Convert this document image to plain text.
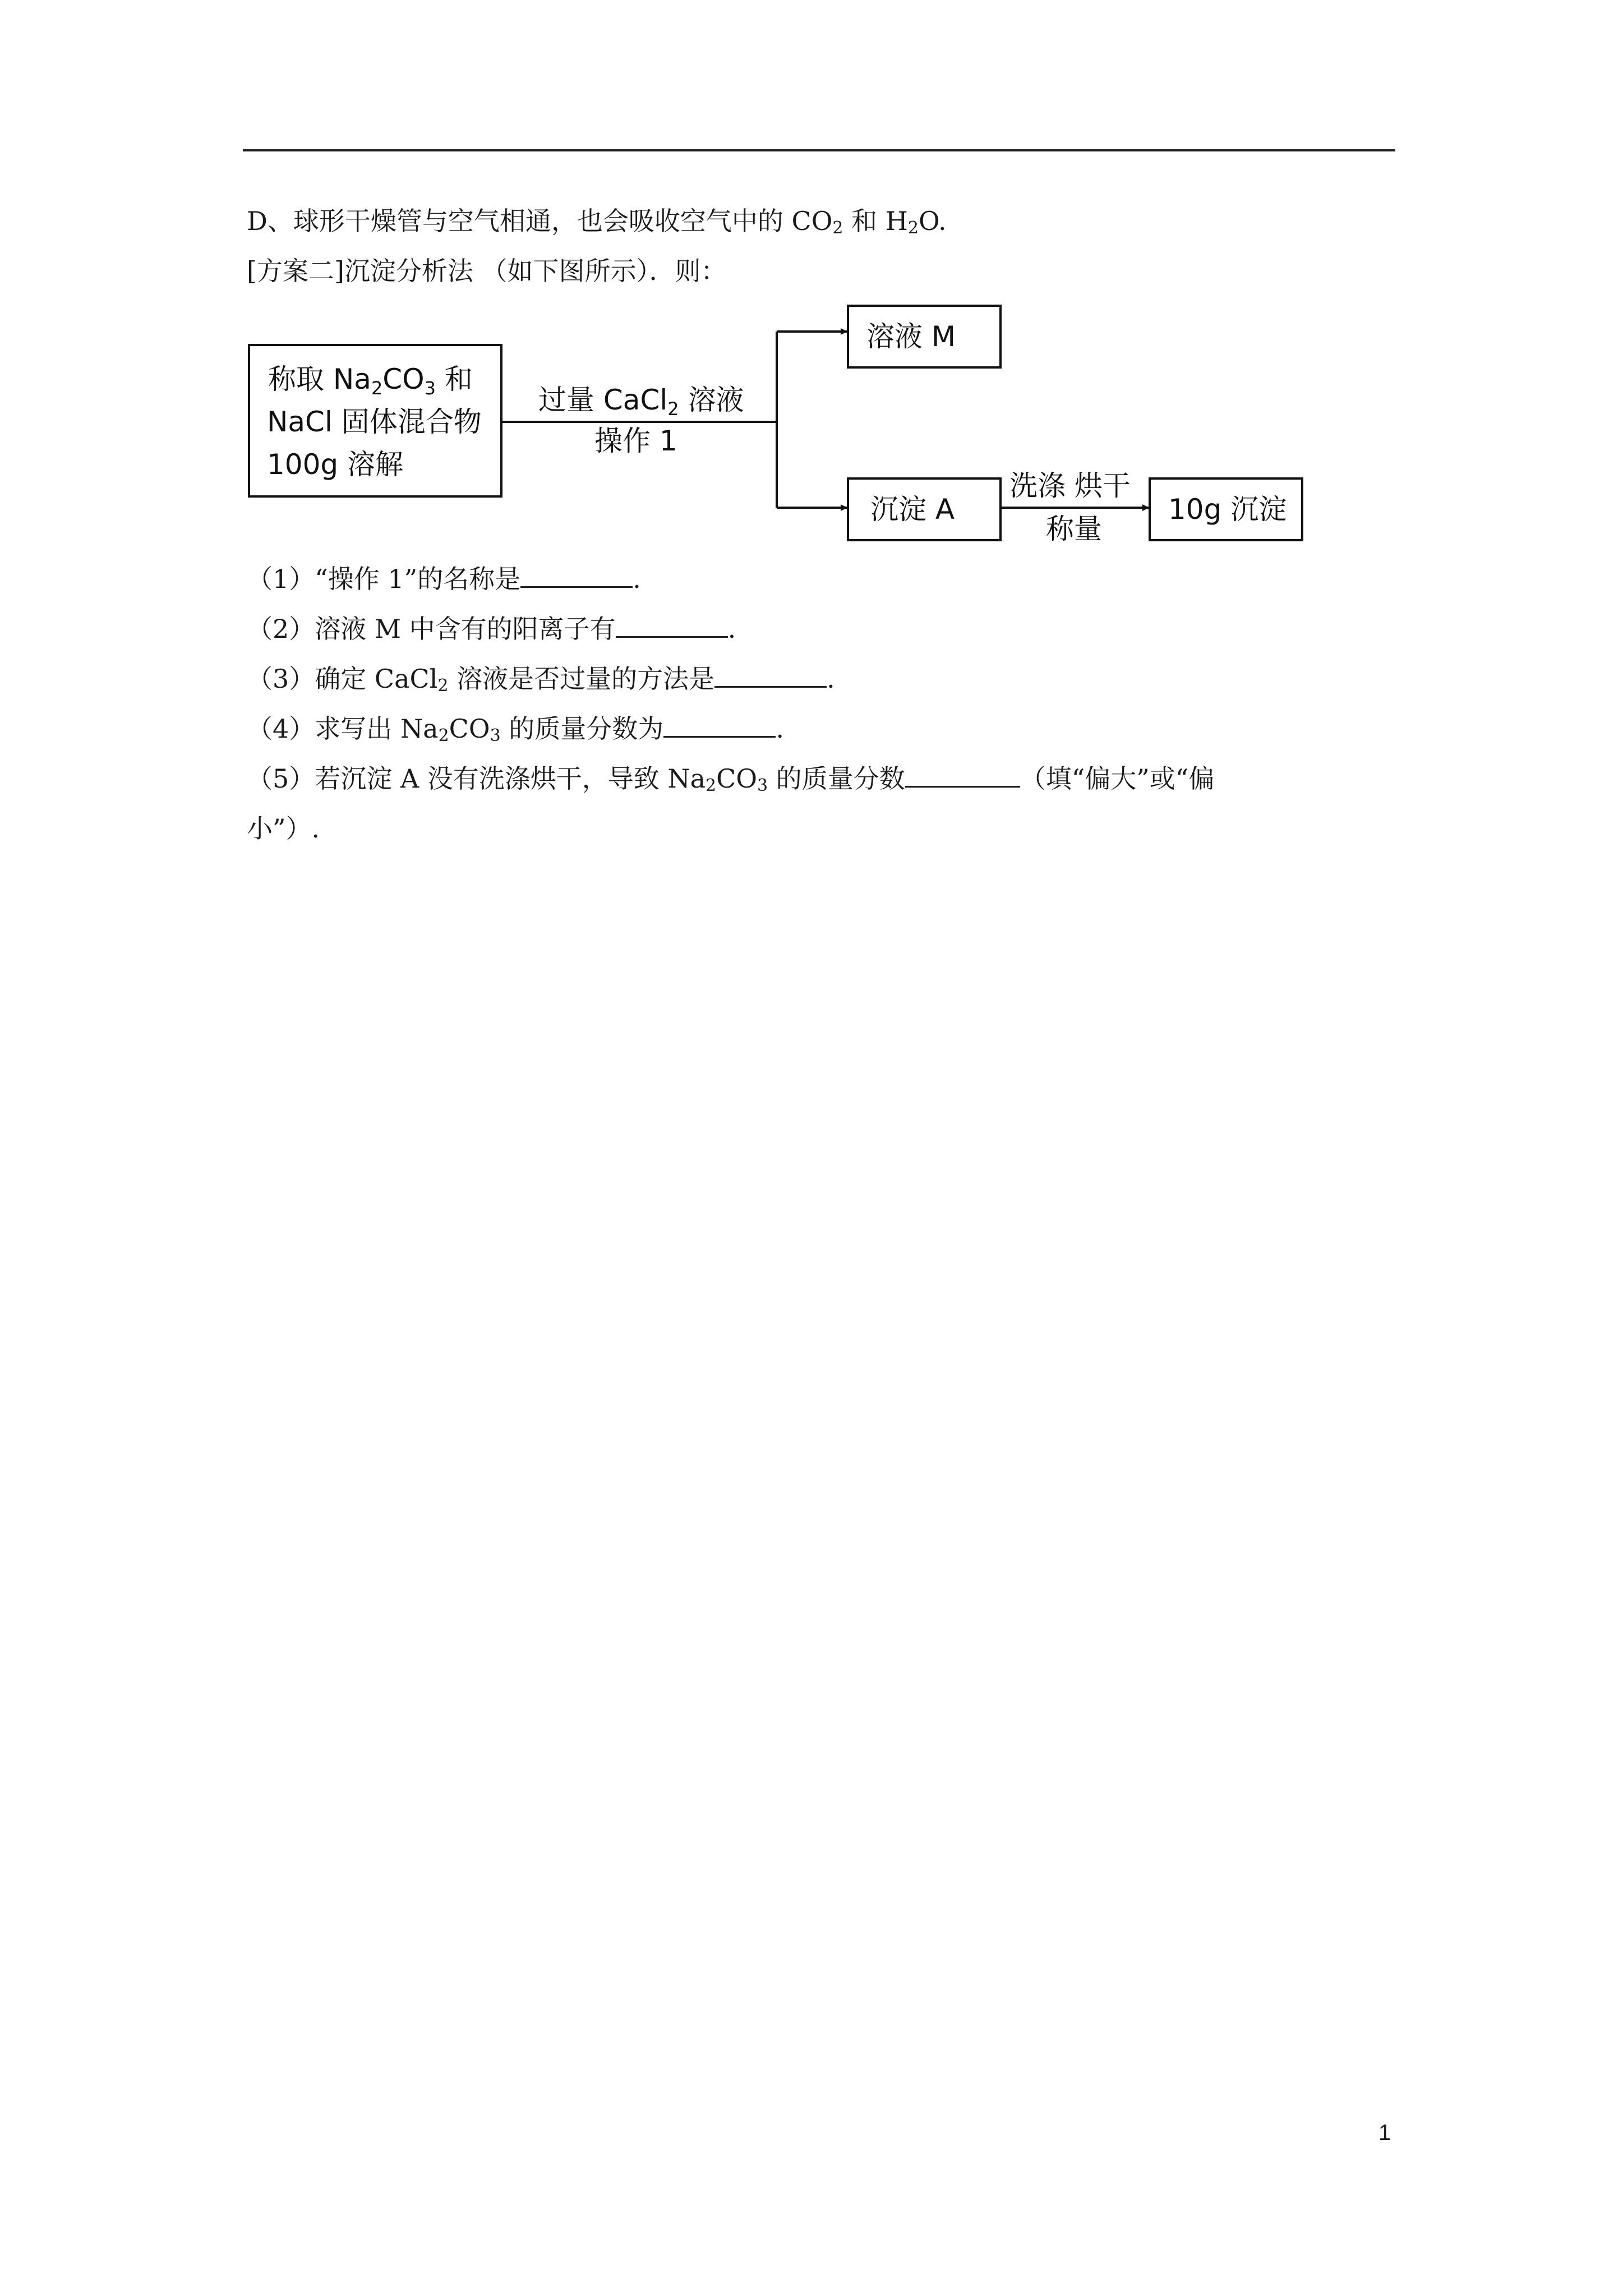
D、球形干燥管与空气相通，也会吸收空气中的 $CO_2$ 和 $H_2O$.
[方案二]沉淀分析法 （如下图所示）．则：
称取 $Na_2CO_3$ 和
NaCl 固体混合物
100g 溶解
过量 CaCl$_2$ 溶液
操作 1
溶液 M
沉淀 A
洗涤 烘干
称量
10g 沉淀
（1）“操作 1”的名称是	.
（2）溶液 M 中含有的阳离子有	.
（3）确定 CaCl$_2$ 溶液是否过量的方法是	.
（4）求写出 $Na_2CO_3$ 的质量分数为	.
（5）若沉淀 A 没有洗涤烘干，导致 $Na_2CO_3$ 的质量分数	（填“偏大”或“偏
小”）.
1
